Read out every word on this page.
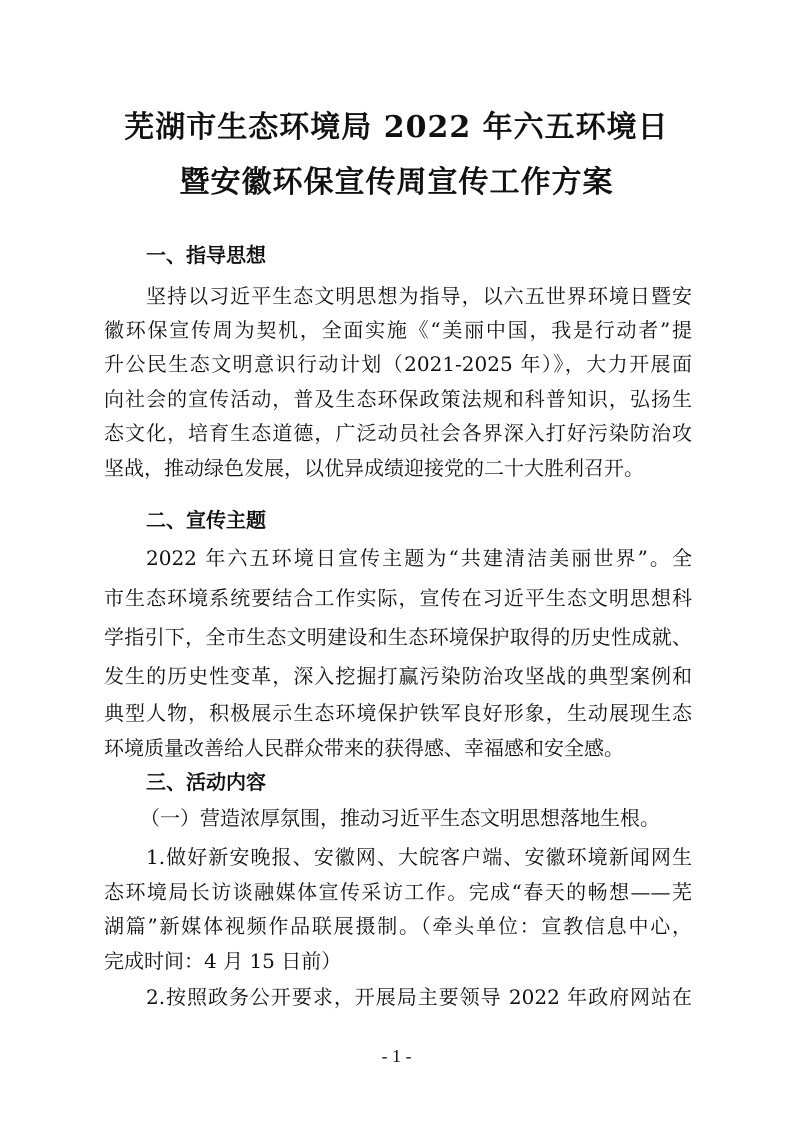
芜湖市生态环境局 2022 年六五环境日
暨安徽环保宣传周宣传工作方案
一、指导思想
坚持以习近平生态文明思想为指导，以六五世界环境日暨安
徽环保宣传周为契机，全面实施《“美丽中国，我是行动者”提
升公民生态文明意识行动计划（2021-2025 年）》，大力开展面
向社会的宣传活动，普及生态环保政策法规和科普知识，弘扬生
态文化，培育生态道德，广泛动员社会各界深入打好污染防治攻
坚战，推动绿色发展，以优异成绩迎接党的二十大胜利召开。
二、宣传主题
2022 年六五环境日宣传主题为“共建清洁美丽世界”。全
市生态环境系统要结合工作实际，宣传在习近平生态文明思想科
学指引下，全市生态文明建设和生态环境保护取得的历史性成就、
发生的历史性变革，深入挖掘打赢污染防治攻坚战的典型案例和
典型人物，积极展示生态环境保护铁军良好形象，生动展现生态
环境质量改善给人民群众带来的获得感、幸福感和安全感。
三、活动内容
（一）营造浓厚氛围，推动习近平生态文明思想落地生根。
1.做好新安晚报、安徽网、大皖客户端、安徽环境新闻网生
态环境局长访谈融媒体宣传采访工作。完成“春天的畅想——芜
湖篇”新媒体视频作品联展摄制。（牵头单位：宣教信息中心，
完成时间：4 月 15 日前）
2.按照政务公开要求，开展局主要领导 2022 年政府网站在
- 1 -
